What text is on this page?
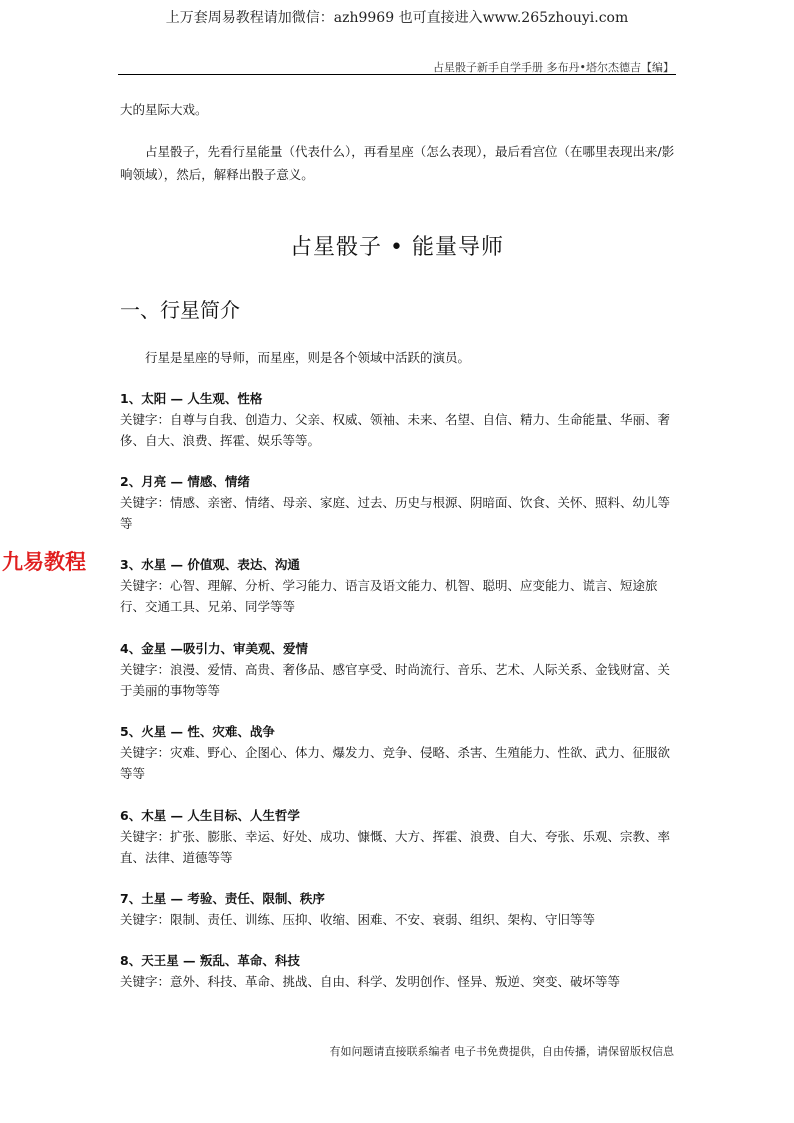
上万套周易教程请加微信：azh9969 也可直接进入www.265zhouyi.com
占星骰子新手自学手册 多布丹•塔尔杰德吉【编】

大的星际大戏。

占星骰子，先看行星能量（代表什么），再看星座（怎么表现），最后看宫位（在哪里表现出来/影响领域），然后，解释出骰子意义。

占星骰子 • 能量导师
一、行星简介

行星是星座的导师，而星座，则是各个领域中活跃的演员。

1、太阳 — 人生观、性格

关键字：自尊与自我、创造力、父亲、权威、领袖、未来、名望、自信、精力、生命能量、华丽、奢侈、自大、浪费、挥霍、娱乐等等。

2、月亮 — 情感、情绪

关键字：情感、亲密、情绪、母亲、家庭、过去、历史与根源、阴暗面、饮食、关怀、照料、幼儿等等

3、水星 — 价值观、表达、沟通

关键字：心智、理解、分析、学习能力、语言及语文能力、机智、聪明、应变能力、谎言、短途旅行、交通工具、兄弟、同学等等

4、金星 —吸引力、审美观、爱情

关键字：浪漫、爱情、高贵、奢侈品、感官享受、时尚流行、音乐、艺术、人际关系、金钱财富、关于美丽的事物等等

5、火星 — 性、灾难、战争

关键字：灾难、野心、企图心、体力、爆发力、竞争、侵略、杀害、生殖能力、性欲、武力、征服欲等等

6、木星 — 人生目标、人生哲学

关键字：扩张、膨胀、幸运、好处、成功、慷慨、大方、挥霍、浪费、自大、夸张、乐观、宗教、率直、法律、道德等等

7、土星 — 考验、责任、限制、秩序

关键字：限制、责任、训练、压抑、收缩、困难、不安、衰弱、组织、架构、守旧等等

8、天王星 — 叛乱、革命、科技

关键字：意外、科技、革命、挑战、自由、科学、发明创作、怪异、叛逆、突变、破坏等等

九易教程
有如问题请直接联系编者 电子书免费提供，自由传播，请保留版权信息
